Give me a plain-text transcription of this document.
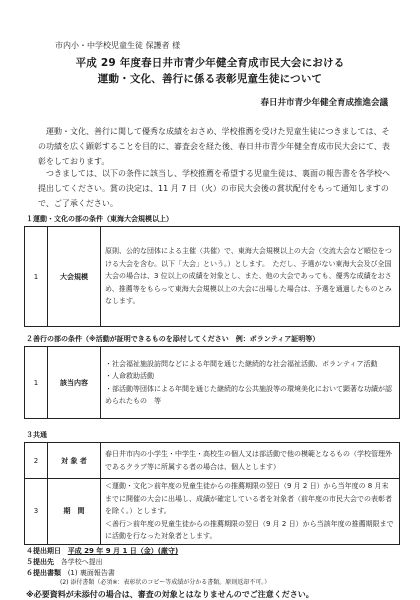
市内小・中学校児童生徒 保護者 様
平成 29 年度春日井市青少年健全育成市民大会における
運動・文化、善行に係る表彰児童生徒について
春日井市青少年健全育成推進会議
運動・文化、善行に関して優秀な成績をおさめ、学校推薦を受けた児童生徒につきましては、その功績を広く顕彰することを目的に、審査会を経た後、春日井市青少年健全育成市民大会にて、表彰をしております。
つきましては、以下の条件に該当し、学校推薦を希望する児童生徒は、裏面の報告書を各学校へ提出してください。賞の決定は、11 月 7 日（火）の市民大会後の賞状配付をもって通知しますので、ご了承ください。
１運動・文化の部の条件（東海大会規模以上）
1	大会規模	原則、公的な団体による主催（共催）で、東海大会規模以上の大会（交流大会など順位をつける大会を含む。以下「大会」という。）とします。　ただし、予選がない東海大会及び全国大会の場合は、3 位以上の成績を対象とし、また、他の大会であっても、優秀な成績をおさめ、推薦等をもらって東海大会規模以上の大会に出場した場合は、予選を通過したものとみなします。
２善行の部の条件（※活動が証明できるものを添付してください　例：ボランティア証明等）
1	該当内容	
・社会福祉施設訪問などによる年間を通じた継続的な社会福祉活動、ボランティア活動
・人命救助活動
・部活動等団体による年間を通じた継続的な公共施設等の環境美化において顕著な功績が認められたもの　等
３共通
2	対 象 者	春日井市内の小学生・中学生・高校生の個人又は部活動で他の模範となるもの（学校管理外であるクラブ等に所属する者の場合は、個人とします）
3	期　間	＜運動・文化＞前年度の児童生徒からの推薦期限の翌日（9 月 2 日）から当年度の 8 月末までに開催の大会に出場し、成績が確定している者を対象者（前年度の市民大会での表彰者を除く。）とします。
＜善行＞前年度の児童生徒からの推薦期限の翌日（9 月 2 日）から当該年度の推薦期限までに活動を行なった対象者とします。
４提出期日 平成 29 年 9 月 1 日（金）(厳守)
５提出先 各学校へ提出
６提出書類 (1) 裏面報告書
(2) 添付書類（必須※：表彰状のコピー等成績が分かる書類。原則返却不可。）
※必要資料が未添付の場合は、審査の対象とはなりませんのでご注意ください。
